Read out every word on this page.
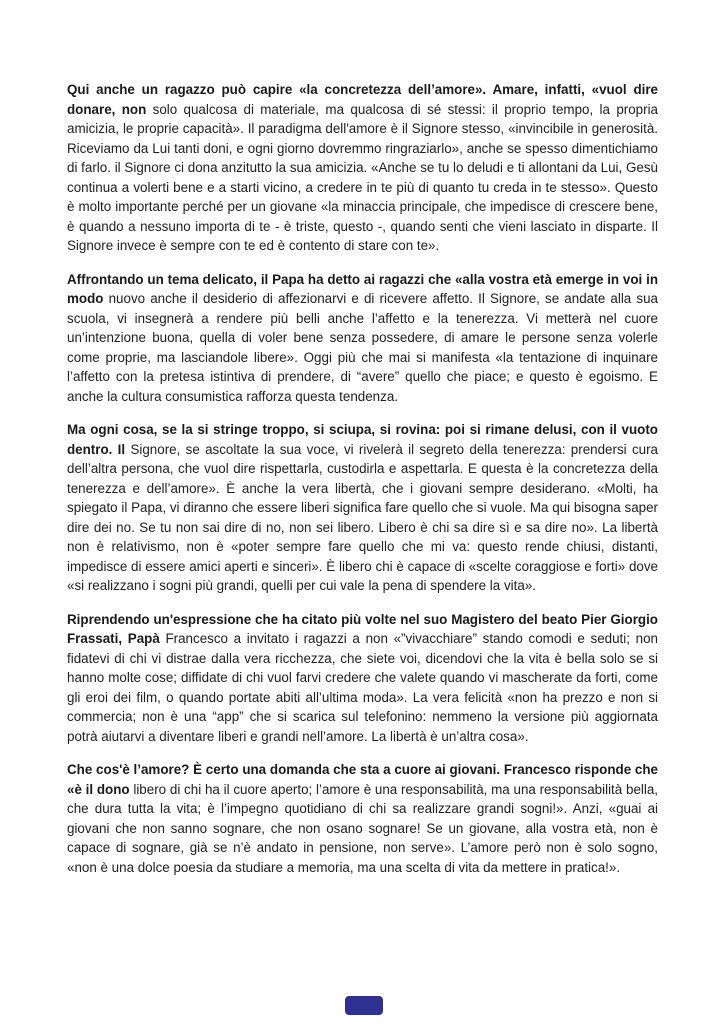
Qui anche un ragazzo può capire «la concretezza dell’amore». Amare, infatti, «vuol dire donare, non solo qualcosa di materiale, ma qualcosa di sé stessi: il proprio tempo, la propria amicizia, le proprie capacità». Il paradigma dell'amore è il Signore stesso, «invincibile in generosità. Riceviamo da Lui tanti doni, e ogni giorno dovremmo ringraziarlo», anche se spesso dimentichiamo di farlo. il Signore ci dona anzitutto la sua amicizia. «Anche se tu lo deludi e ti allontani da Lui, Gesù continua a volerti bene e a starti vicino, a credere in te più di quanto tu creda in te stesso». Questo è molto importante perché per un giovane «la minaccia principale, che impedisce di crescere bene, è quando a nessuno importa di te - è triste, questo -, quando senti che vieni lasciato in disparte. Il Signore invece è sempre con te ed è contento di stare con te».

Affrontando un tema delicato, il Papa ha detto ai ragazzi che «alla vostra età emerge in voi in modo nuovo anche il desiderio di affezionarvi e di ricevere affetto. Il Signore, se andate alla sua scuola, vi insegnerà a rendere più belli anche l’affetto e la tenerezza. Vi metterà nel cuore un’intenzione buona, quella di voler bene senza possedere, di amare le persone senza volerle come proprie, ma lasciandole libere». Oggi più che mai si manifesta «la tentazione di inquinare l’affetto con la pretesa istintiva di prendere, di “avere” quello che piace; e questo è egoismo. E anche la cultura consumistica rafforza questa tendenza.

Ma ogni cosa, se la si stringe troppo, si sciupa, si rovina: poi si rimane delusi, con il vuoto dentro. Il Signore, se ascoltate la sua voce, vi rivelerà il segreto della tenerezza: prendersi cura dell’altra persona, che vuol dire rispettarla, custodirla e aspettarla. E questa è la concretezza della tenerezza e dell’amore». È anche la vera libertà, che i giovani sempre desiderano. «Molti, ha spiegato il Papa, vi diranno che essere liberi significa fare quello che si vuole. Ma qui bisogna saper dire dei no. Se tu non sai dire di no, non sei libero. Libero è chi sa dire sì e sa dire no». La libertà non è relativismo, non è «poter sempre fare quello che mi va: questo rende chiusi, distanti, impedisce di essere amici aperti e sinceri». È libero chi è capace di «scelte coraggiose e forti» dove «si realizzano i sogni più grandi, quelli per cui vale la pena di spendere la vita».

Riprendendo un'espressione che ha citato più volte nel suo Magistero del beato Pier Giorgio Frassati, Papà Francesco a invitato i ragazzi a non «”vivacchiare” stando comodi e seduti; non fidatevi di chi vi distrae dalla vera ricchezza, che siete voi, dicendovi che la vita è bella solo se si hanno molte cose; diffidate di chi vuol farvi credere che valete quando vi mascherate da forti, come gli eroi dei film, o quando portate abiti all’ultima moda». La vera felicità «non ha prezzo e non si commercia; non è una “app” che si scarica sul telefonino: nemmeno la versione più aggiornata potrà aiutarvi a diventare liberi e grandi nell’amore. La libertà è un’altra cosa».

Che cos'è l’amore? È certo una domanda che sta a cuore ai giovani. Francesco risponde che «è il dono libero di chi ha il cuore aperto; l’amore è una responsabilità, ma una responsabilità bella, che dura tutta la vita; è l’impegno quotidiano di chi sa realizzare grandi sogni!». Anzi, «guai ai giovani che non sanno sognare, che non osano sognare! Se un giovane, alla vostra età, non è capace di sognare, già se n’è andato in pensione, non serve». L’amore però non è solo sogno, «non è una dolce poesia da studiare a memoria, ma una scelta di vita da mettere in pratica!».
